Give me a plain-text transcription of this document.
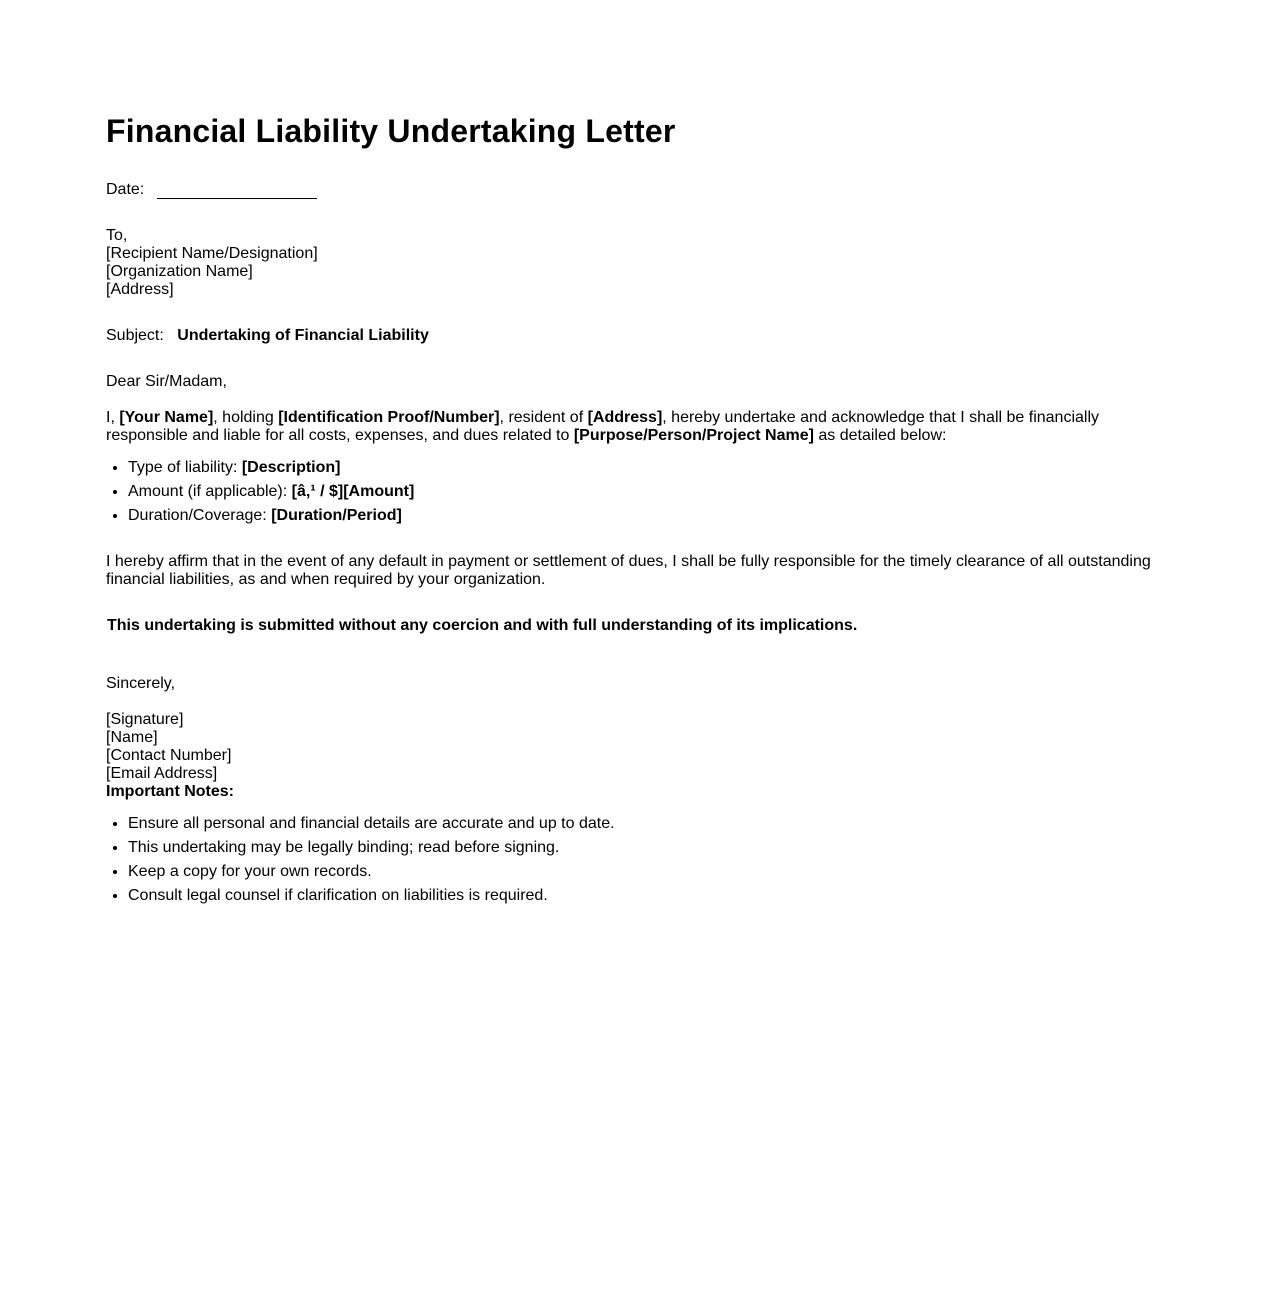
Financial Liability Undertaking Letter
Date:
To,
[Recipient Name/Designation]
[Organization Name]
[Address]
Subject: Undertaking of Financial Liability
Dear Sir/Madam,
I, [Your Name], holding [Identification Proof/Number], resident of [Address], hereby undertake and acknowledge that I shall be financially responsible and liable for all costs, expenses, and dues related to [Purpose/Person/Project Name] as detailed below:
• Type of liability: [Description]
• Amount (if applicable): [â‚¹ / $][Amount]
• Duration/Coverage: [Duration/Period]
I hereby affirm that in the event of any default in payment or settlement of dues, I shall be fully responsible for the timely clearance of all outstanding financial liabilities, as and when required by your organization.
This undertaking is submitted without any coercion and with full understanding of its implications.
Sincerely,
[Signature]
[Name]
[Contact Number]
[Email Address]
Important Notes:
• Ensure all personal and financial details are accurate and up to date.
• This undertaking may be legally binding; read before signing.
• Keep a copy for your own records.
• Consult legal counsel if clarification on liabilities is required.
